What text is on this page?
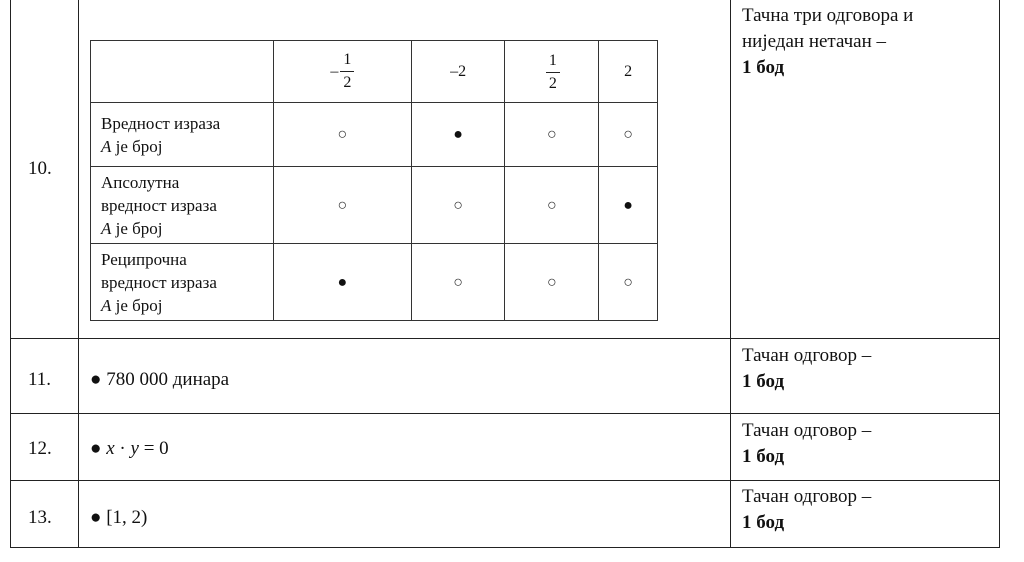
10.

	– $\frac{1}{2}$	–2	$\frac{1}{2}$	2

Вредност израза
A је број	○	●	○	○

Апсолутна
вредност израза
A је број	○	○	○	●

Реципрочна
вредност израза
A је број	●	○	○	○
Тачна три одговора и
ниједан нетачан –
1 бод
11. ● 780 000 динара
Тачан одговор –
1 бод
12. ● x · y = 0
Тачан одговор –
1 бод
13. ● [1, 2)
Тачан одговор –
1 бод
